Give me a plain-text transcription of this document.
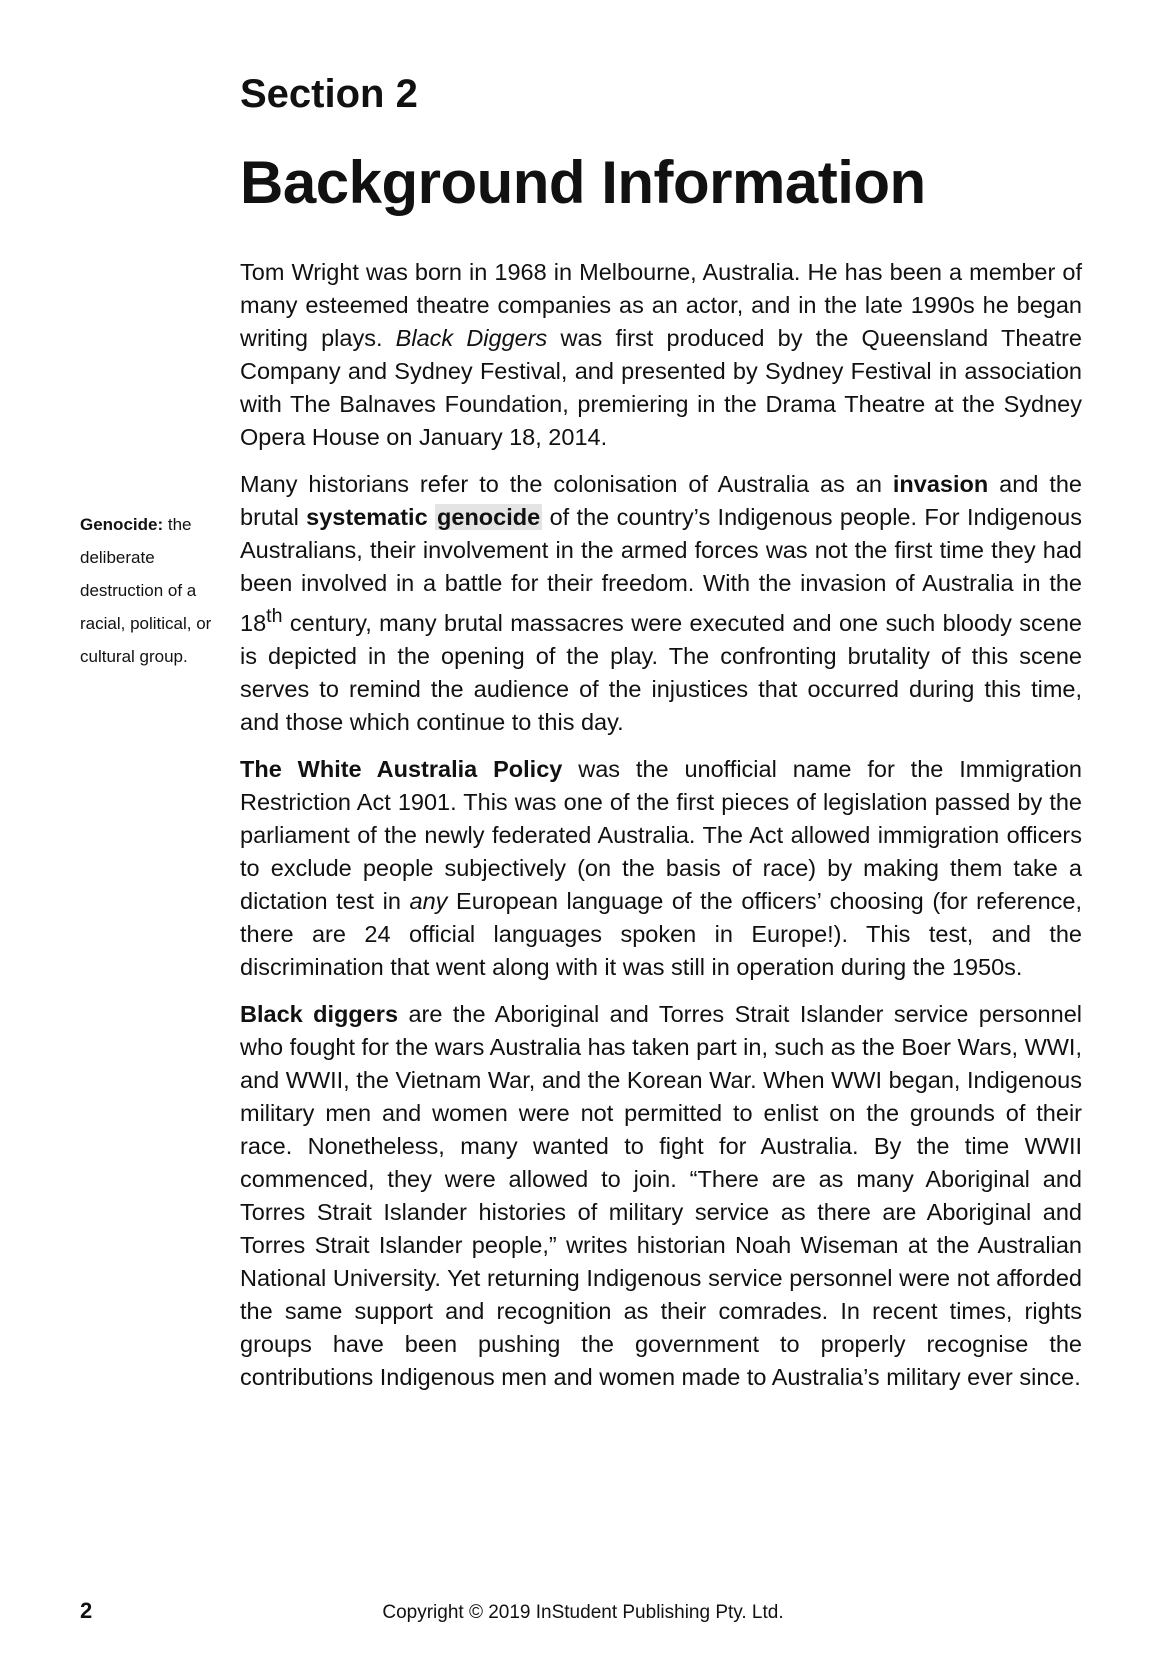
Section 2
Background Information
Genocide: the deliberate destruction of a racial, political, or cultural group.

Tom Wright was born in 1968 in Melbourne, Australia. He has been a member of many esteemed theatre companies as an actor, and in the late 1990s he began writing plays. Black Diggers was first produced by the Queensland Theatre Company and Sydney Festival, and presented by Sydney Festival in association with The Balnaves Foundation, premiering in the Drama Theatre at the Sydney Opera House on January 18, 2014.

Many historians refer to the colonisation of Australia as an invasion and the brutal systematic genocide of the country’s Indigenous people. For Indigenous Australians, their involvement in the armed forces was not the first time they had been involved in a battle for their freedom. With the invasion of Australia in the 18th century, many brutal massacres were executed and one such bloody scene is depicted in the opening of the play. The confronting brutality of this scene serves to remind the audience of the injustices that occurred during this time, and those which continue to this day.

The White Australia Policy was the unofficial name for the Immigration Restriction Act 1901. This was one of the first pieces of legislation passed by the parliament of the newly federated Australia. The Act allowed immigration officers to exclude people subjectively (on the basis of race) by making them take a dictation test in any European language of the officers’ choosing (for reference, there are 24 official languages spoken in Europe!). This test, and the discrimination that went along with it was still in operation during the 1950s.

Black diggers are the Aboriginal and Torres Strait Islander service personnel who fought for the wars Australia has taken part in, such as the Boer Wars, WWI, and WWII, the Vietnam War, and the Korean War. When WWI began, Indigenous military men and women were not permitted to enlist on the grounds of their race. Nonetheless, many wanted to fight for Australia. By the time WWII commenced, they were allowed to join. “There are as many Aboriginal and Torres Strait Islander histories of military service as there are Aboriginal and Torres Strait Islander people,” writes historian Noah Wiseman at the Australian National University. Yet returning Indigenous service personnel were not afforded the same support and recognition as their comrades. In recent times, rights groups have been pushing the government to properly recognise the contributions Indigenous men and women made to Australia’s military ever since.

2	Copyright © 2019 InStudent Publishing Pty. Ltd.
